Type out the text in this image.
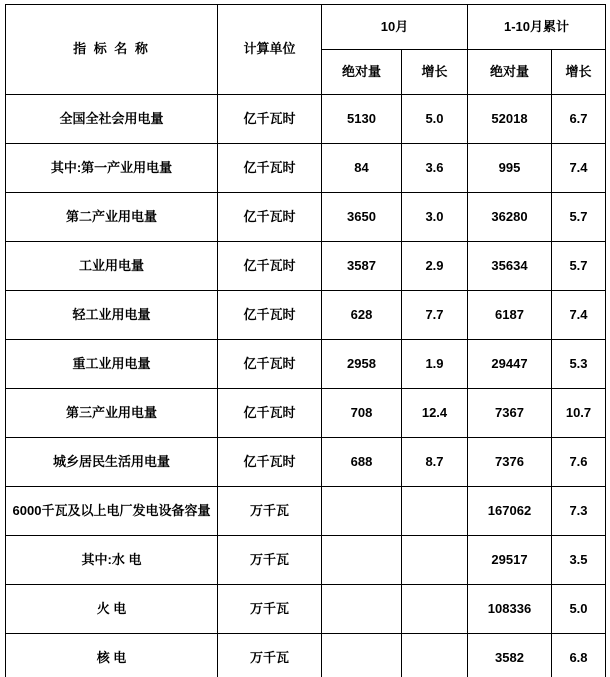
指 标 名 称	计算单位	10月		1-10月累计	
		绝对量	增长	绝对量	增长
全国全社会用电量	亿千瓦时	5130	5.0	52018	6.7
其中:第一产业用电量	亿千瓦时	84	3.6	995	7.4
第二产业用电量	亿千瓦时	3650	3.0	36280	5.7
工业用电量	亿千瓦时	3587	2.9	35634	5.7
轻工业用电量	亿千瓦时	628	7.7	6187	7.4
重工业用电量	亿千瓦时	2958	1.9	29447	5.3
第三产业用电量	亿千瓦时	708	12.4	7367	10.7
城乡居民生活用电量	亿千瓦时	688	8.7	7376	7.6
6000千瓦及以上电厂发电设备容量	万千瓦			167062	7.3
其中:水 电	万千瓦			29517	3.5
火 电	万千瓦			108336	5.0
核 电	万千瓦			3582	6.8
